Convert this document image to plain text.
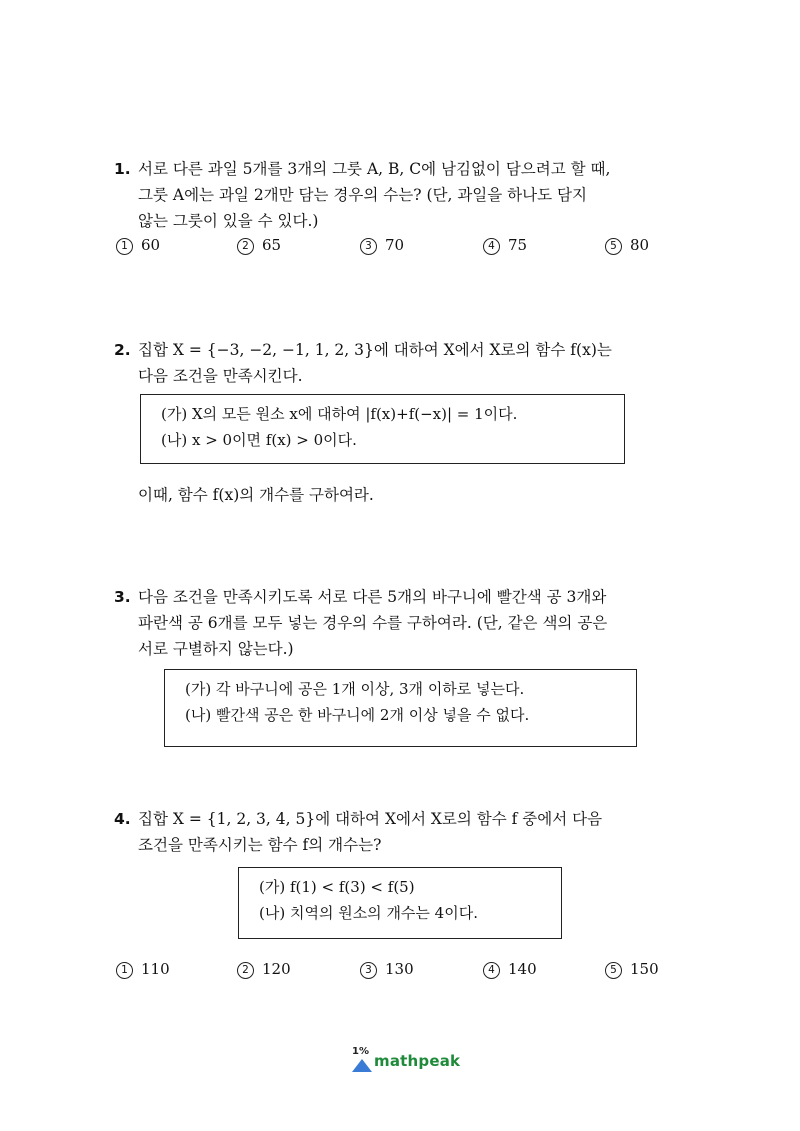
1. 서로 다른 과일 5개를 3개의 그룻 A, B, C에 남김없이 담으려고 할 때,
그룻 A에는 과일 2개만 담는 경우의 수는? (단, 과일을 하나도 담지
않는 그룻이 있을 수 있다.)
1 60	2 65	3 70	4 75	5 80
2. 집합 X = {−3, −2, −1, 1, 2, 3}에 대하여 X에서 X로의 함수 f(x)는
다음 조건을 만족시킨다.
(가) X의 모든 원소 x에 대하여 |f(x)+f(−x)| = 1이다.
(나) x > 0이면 f(x) > 0이다.
이때, 함수 f(x)의 개수를 구하여라.
3. 다음 조건을 만족시키도록 서로 다른 5개의 바구니에 빨간색 공 3개와
파란색 공 6개를 모두 넣는 경우의 수를 구하여라. (단, 같은 색의 공은
서로 구별하지 않는다.)
(가) 각 바구니에 공은 1개 이상, 3개 이하로 넣는다.
(나) 빨간색 공은 한 바구니에 2개 이상 넣을 수 없다.
4. 집합 X = {1, 2, 3, 4, 5}에 대하여 X에서 X로의 함수 f 중에서 다음
조건을 만족시키는 함수 f의 개수는?
(가) f(1) < f(3) < f(5)
(나) 치역의 원소의 개수는 4이다.
1 110	2 120	3 130	4 140	5 150
1%
mathpeak
